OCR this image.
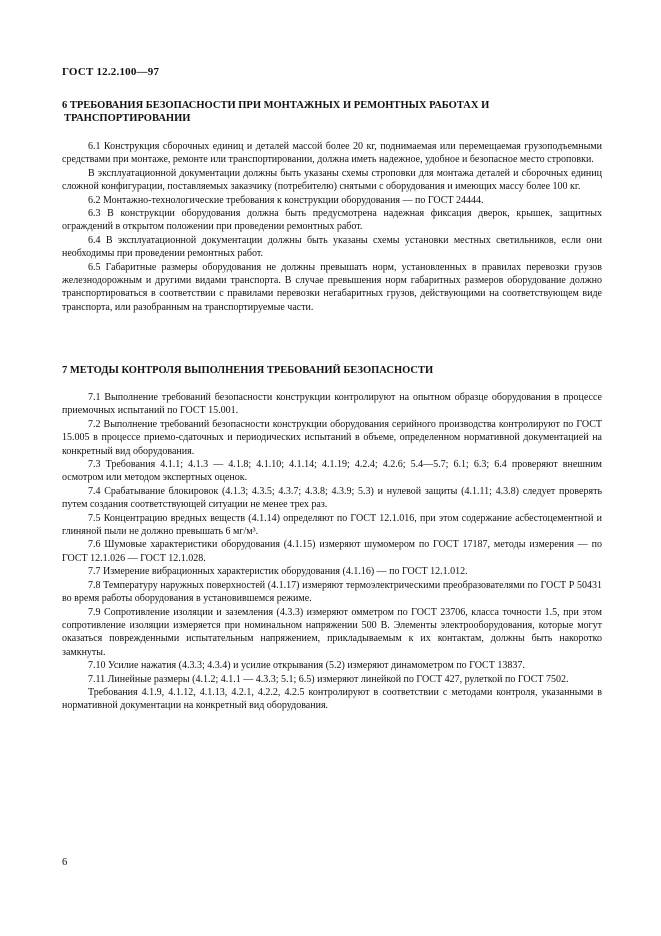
ГОСТ 12.2.100—97
6 ТРЕБОВАНИЯ БЕЗОПАСНОСТИ ПРИ МОНТАЖНЫХ И РЕМОНТНЫХ РАБОТАХ И
ТРАНСПОРТИРОВАНИИ

6.1 Конструкция сборочных единиц и деталей массой более 20 кг, поднимаемая или перемещаемая грузоподъемными средствами при монтаже, ремонте или транспортировании, должна иметь надежное, удобное и безопасное место строповки.

В эксплуатационной документации должны быть указаны схемы строповки для монтажа деталей и сборочных единиц сложной конфигурации, поставляемых заказчику (потребителю) снятыми с оборудования и имеющих массу более 100 кг.

6.2 Монтажно-технологические требования к конструкции оборудования — по ГОСТ 24444.

6.3 В конструкции оборудования должна быть предусмотрена надежная фиксация дверок, крышек, защитных ограждений в открытом положении при проведении ремонтных работ.

6.4 В эксплуатационной документации должны быть указаны схемы установки местных светильников, если они необходимы при проведении ремонтных работ.

6.5 Габаритные размеры оборудования не должны превышать норм, установленных в правилах перевозки грузов железнодорожным и другими видами транспорта. В случае превышения норм габаритных размеров оборудование должно транспортироваться в соответствии с правилами перевозки негабаритных грузов, действующими на соответствующем виде транспорта, или разобранным на транспортируемые части.

7 МЕТОДЫ КОНТРОЛЯ ВЫПОЛНЕНИЯ ТРЕБОВАНИЙ БЕЗОПАСНОСТИ

7.1 Выполнение требований безопасности конструкции контролируют на опытном образце оборудования в процессе приемочных испытаний по ГОСТ 15.001.

7.2 Выполнение требований безопасности конструкции оборудования серийного производства контролируют по ГОСТ 15.005 в процессе приемо-сдаточных и периодических испытаний в объеме, определенном нормативной документацией на конкретный вид оборудования.

7.3 Требования 4.1.1; 4.1.3 — 4.1.8; 4.1.10; 4.1.14; 4.1.19; 4.2.4; 4.2.6; 5.4—5.7; 6.1; 6.3; 6.4 проверяют внешним осмотром или методом экспертных оценок.

7.4 Срабатывание блокировок (4.1.3; 4.3.5; 4.3.7; 4.3.8; 4.3.9; 5.3) и нулевой защиты (4.1.11; 4.3.8) следует проверять путем создания соответствующей ситуации не менее трех раз.

7.5 Концентрацию вредных веществ (4.1.14) определяют по ГОСТ 12.1.016, при этом содержание асбестоцементной и глиняной пыли не должно превышать 6 мг/м³.

7.6 Шумовые характеристики оборудования (4.1.15) измеряют шумомером по ГОСТ 17187, методы измерения — по ГОСТ 12.1.026 — ГОСТ 12.1.028.

7.7 Измерение вибрационных характеристик оборудования (4.1.16) — по ГОСТ 12.1.012.

7.8 Температуру наружных поверхностей (4.1.17) измеряют термоэлектрическими преобразователями по ГОСТ Р 50431 во время работы оборудования в установившемся режиме.

7.9 Сопротивление изоляции и заземления (4.3.3) измеряют омметром по ГОСТ 23706, класса точности 1.5, при этом сопротивление изоляции измеряется при номинальном напряжении 500 В. Элементы электрооборудования, которые могут оказаться поврежденными испытательным напряжением, прикладываемым к их контактам, должны быть накоротко замкнуты.

7.10 Усилие нажатия (4.3.3; 4.3.4) и усилие открывания (5.2) измеряют динамометром по ГОСТ 13837.

7.11 Линейные размеры (4.1.2; 4.1.1 — 4.3.3; 5.1; 6.5) измеряют линейкой по ГОСТ 427, рулеткой по ГОСТ 7502.

Требования 4.1.9, 4.1.12, 4.1.13, 4.2.1, 4.2.2, 4.2.5 контролируют в соответствии с методами контроля, указанными в нормативной документации на конкретный вид оборудования.

6
